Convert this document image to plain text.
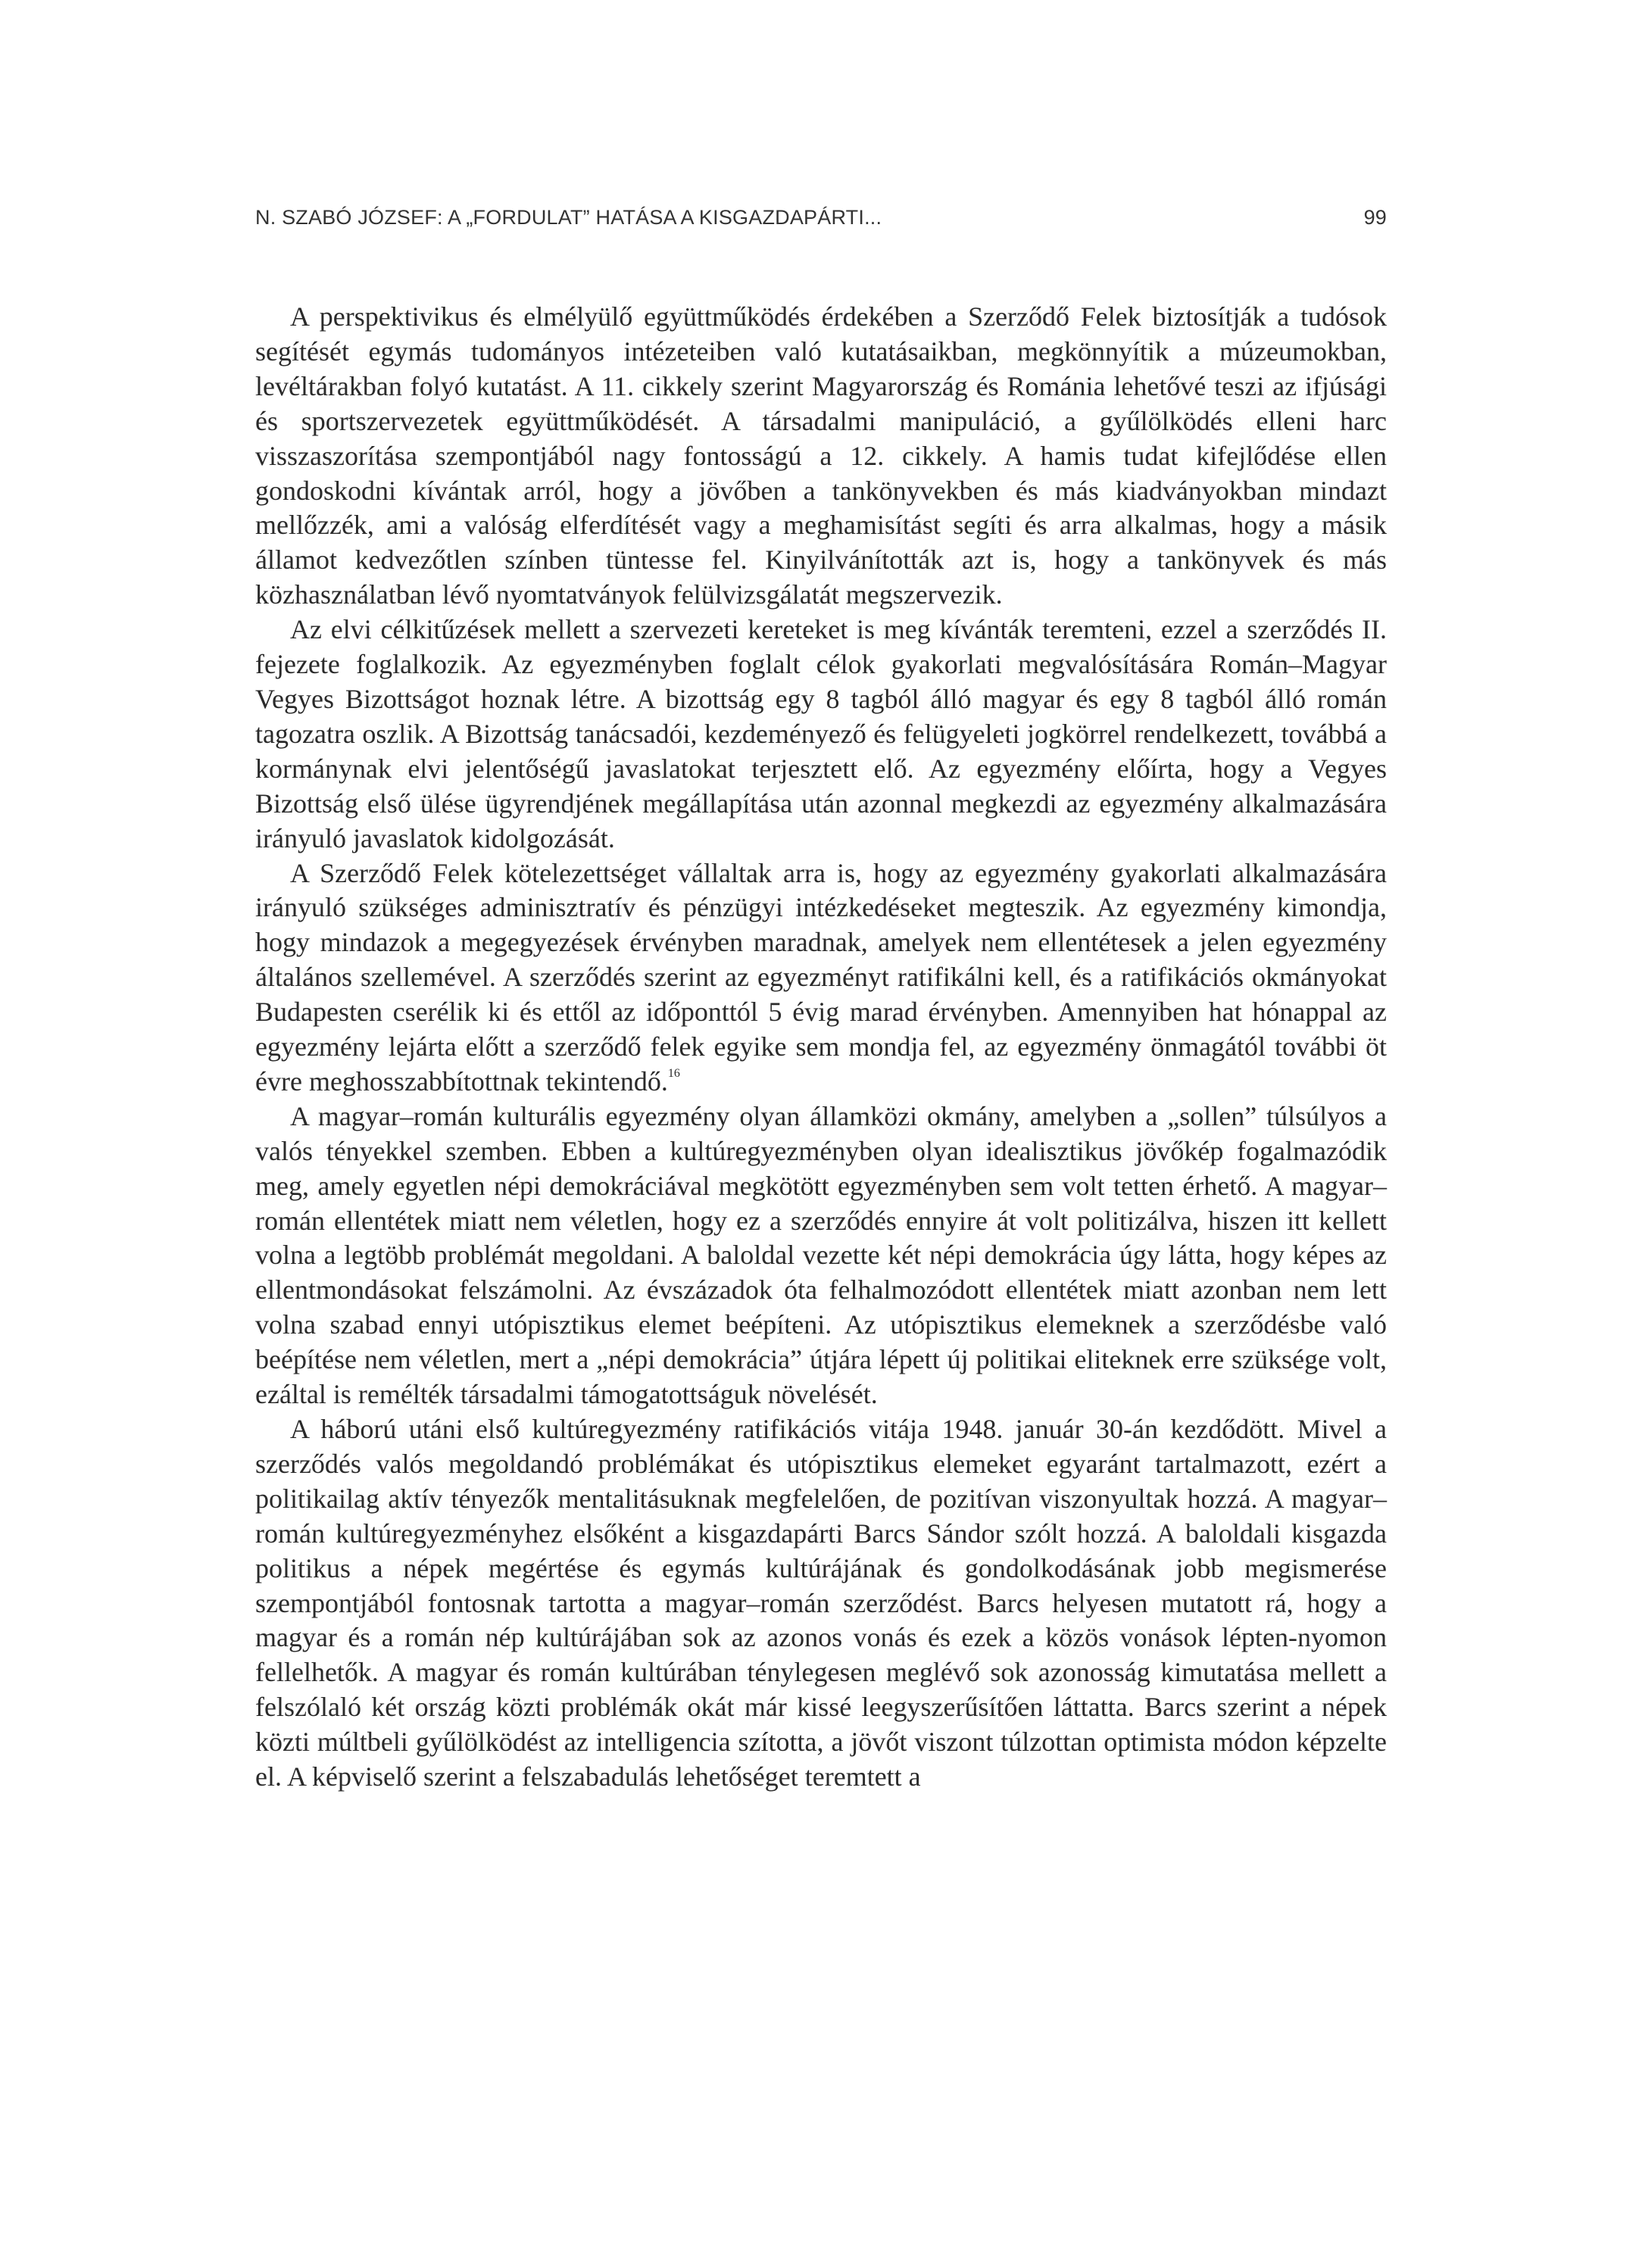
N. SZABÓ JÓZSEF: A „FORDULAT” HATÁSA A KISGAZDAPÁRTI...	99

A perspektivikus és elmélyülő együttműködés érdekében a Szerződő Felek biztosítják a tudósok segítését egymás tudományos intézeteiben való kutatásaikban, megkönnyítik a múzeumokban, levéltárakban folyó kutatást. A 11. cikkely szerint Magyarország és Románia lehetővé teszi az ifjúsági és sportszervezetek együttműködését. A társadalmi manipuláció, a gyűlölködés elleni harc visszaszorítása szempontjából nagy fontosságú a 12. cikkely. A hamis tudat kifejlődése ellen gondoskodni kívántak arról, hogy a jövőben a tankönyvekben és más kiadványokban mindazt mellőzzék, ami a valóság elferdítését vagy a meghamisítást segíti és arra alkalmas, hogy a másik államot kedvezőtlen színben tüntesse fel. Kinyilvánították azt is, hogy a tankönyvek és más közhasználatban lévő nyomtatványok felülvizsgálatát megszervezik.

Az elvi célkitűzések mellett a szervezeti kereteket is meg kívánták teremteni, ezzel a szerződés II. fejezete foglalkozik. Az egyezményben foglalt célok gyakorlati megvalósítására Román–Magyar Vegyes Bizottságot hoznak létre. A bizottság egy 8 tagból álló magyar és egy 8 tagból álló román tagozatra oszlik. A Bizottság tanácsadói, kezdeményező és felügyeleti jogkörrel rendelkezett, továbbá a kormánynak elvi jelentőségű javaslatokat terjesztett elő. Az egyezmény előírta, hogy a Vegyes Bizottság első ülése ügyrendjének megállapítása után azonnal megkezdi az egyezmény alkalmazására irányuló javaslatok kidolgozását.

A Szerződő Felek kötelezettséget vállaltak arra is, hogy az egyezmény gyakorlati alkalmazására irányuló szükséges adminisztratív és pénzügyi intézkedéseket megteszik. Az egyezmény kimondja, hogy mindazok a megegyezések érvényben maradnak, amelyek nem ellentétesek a jelen egyezmény általános szellemével. A szerződés szerint az egyezményt ratifikálni kell, és a ratifikációs okmányokat Budapesten cserélik ki és ettől az időponttól 5 évig marad érvényben. Amennyiben hat hónappal az egyezmény lejárta előtt a szerződő felek egyike sem mondja fel, az egyezmény önmagától további öt évre meghosszabbítottnak tekintendő.$^{16}$

A magyar–román kulturális egyezmény olyan államközi okmány, amelyben a „sollen” túlsúlyos a valós tényekkel szemben. Ebben a kultúregyezményben olyan idealisztikus jövőkép fogalmazódik meg, amely egyetlen népi demokráciával megkötött egyezményben sem volt tetten érhető. A magyar–román ellentétek miatt nem véletlen, hogy ez a szerződés ennyire át volt politizálva, hiszen itt kellett volna a legtöbb problémát megoldani. A baloldal vezette két népi demokrácia úgy látta, hogy képes az ellentmondásokat felszámolni. Az évszázadok óta felhalmozódott ellentétek miatt azonban nem lett volna szabad ennyi utópisztikus elemet beépíteni. Az utópisztikus elemeknek a szerződésbe való beépítése nem véletlen, mert a „népi demokrácia” útjára lépett új politikai eliteknek erre szüksége volt, ezáltal is remélték társadalmi támogatottságuk növelését.

A háború utáni első kultúregyezmény ratifikációs vitája 1948. január 30-án kezdődött. Mivel a szerződés valós megoldandó problémákat és utópisztikus elemeket egyaránt tartalmazott, ezért a politikailag aktív tényezők mentalitásuknak megfelelően, de pozitívan viszonyultak hozzá. A magyar–román kultúregyezményhez elsőként a kisgazdapárti Barcs Sándor szólt hozzá. A baloldali kisgazda politikus a népek megértése és egymás kultúrájának és gondolkodásának jobb megismerése szempontjából fontosnak tartotta a magyar–román szerződést. Barcs helyesen mutatott rá, hogy a magyar és a román nép kultúrájában sok az azonos vonás és ezek a közös vonások lépten-nyomon fellelhetők. A magyar és román kultúrában ténylegesen meglévő sok azonosság kimutatása mellett a felszólaló két ország közti problémák okát már kissé leegyszerűsítően láttatta. Barcs szerint a népek közti múltbeli gyűlölködést az intelligencia szította, a jövőt viszont túlzottan optimista módon képzelte el. A képviselő szerint a felszabadulás lehetőséget teremtett a
